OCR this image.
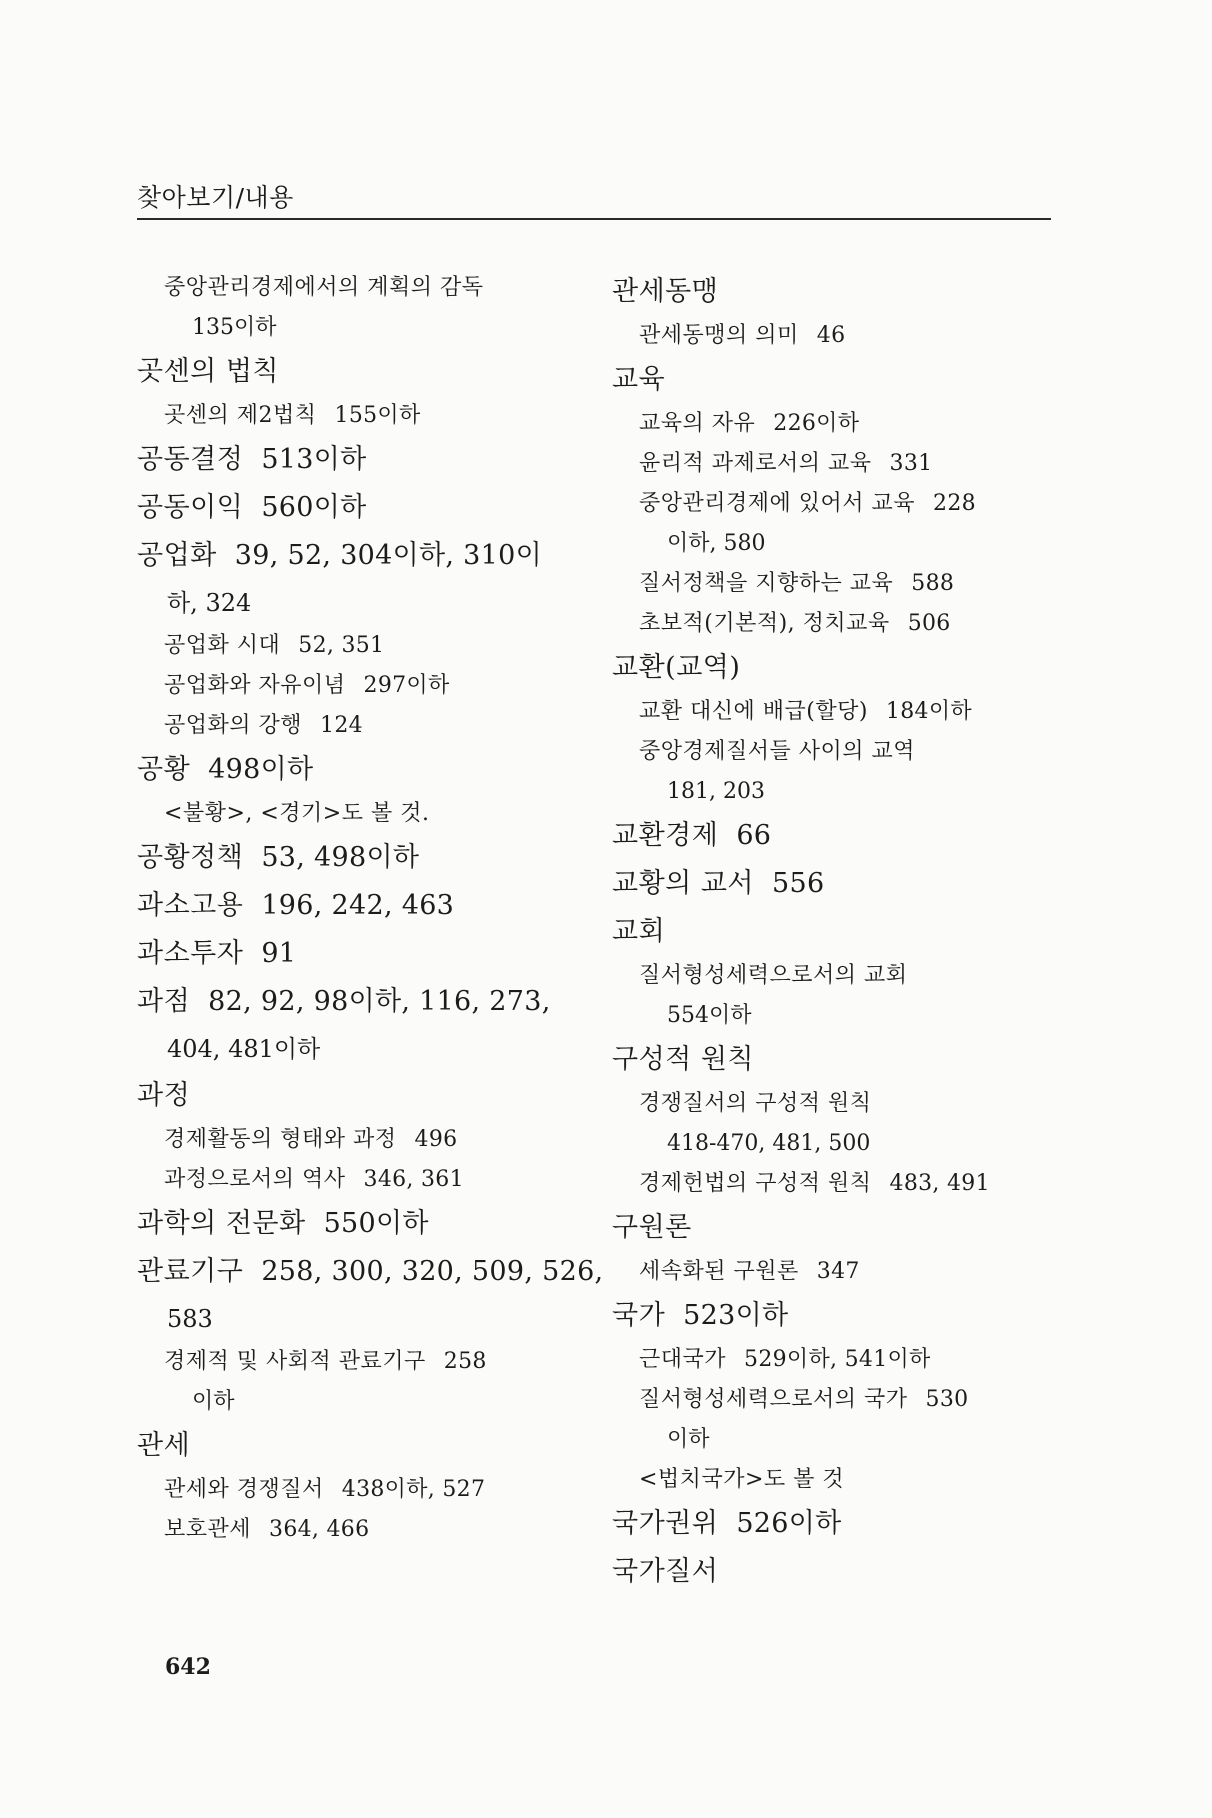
찾아보기/내용
중앙관리경제에서의 계획의 감독
135이하
곳센의 법칙
곳센의 제2법칙 155이하
공동결정 513이하
공동이익 560이하
공업화 39, 52, 304이하, 310이
하, 324
공업화 시대 52, 351
공업화와 자유이념 297이하
공업화의 강행 124
공황 498이하
<불황>, <경기>도 볼 것.
공황정책 53, 498이하
과소고용 196, 242, 463
과소투자 91
과점 82, 92, 98이하, 116, 273,
404, 481이하
과정
경제활동의 형태와 과정 496
과정으로서의 역사 346, 361
과학의 전문화 550이하
관료기구 258, 300, 320, 509, 526,
583
경제적 및 사회적 관료기구 258
이하
관세
관세와 경쟁질서 438이하, 527
보호관세 364, 466
관세동맹
관세동맹의 의미 46
교육
교육의 자유 226이하
윤리적 과제로서의 교육 331
중앙관리경제에 있어서 교육 228
이하, 580
질서정책을 지향하는 교육 588
초보적(기본적), 정치교육 506
교환(교역)
교환 대신에 배급(할당) 184이하
중앙경제질서들 사이의 교역
181, 203
교환경제 66
교황의 교서 556
교회
질서형성세력으로서의 교회
554이하
구성적 원칙
경쟁질서의 구성적 원칙
418-470, 481, 500
경제헌법의 구성적 원칙 483, 491
구원론
세속화된 구원론 347
국가 523이하
근대국가 529이하, 541이하
질서형성세력으로서의 국가 530
이하
<법치국가>도 볼 것
국가권위 526이하
국가질서
642
